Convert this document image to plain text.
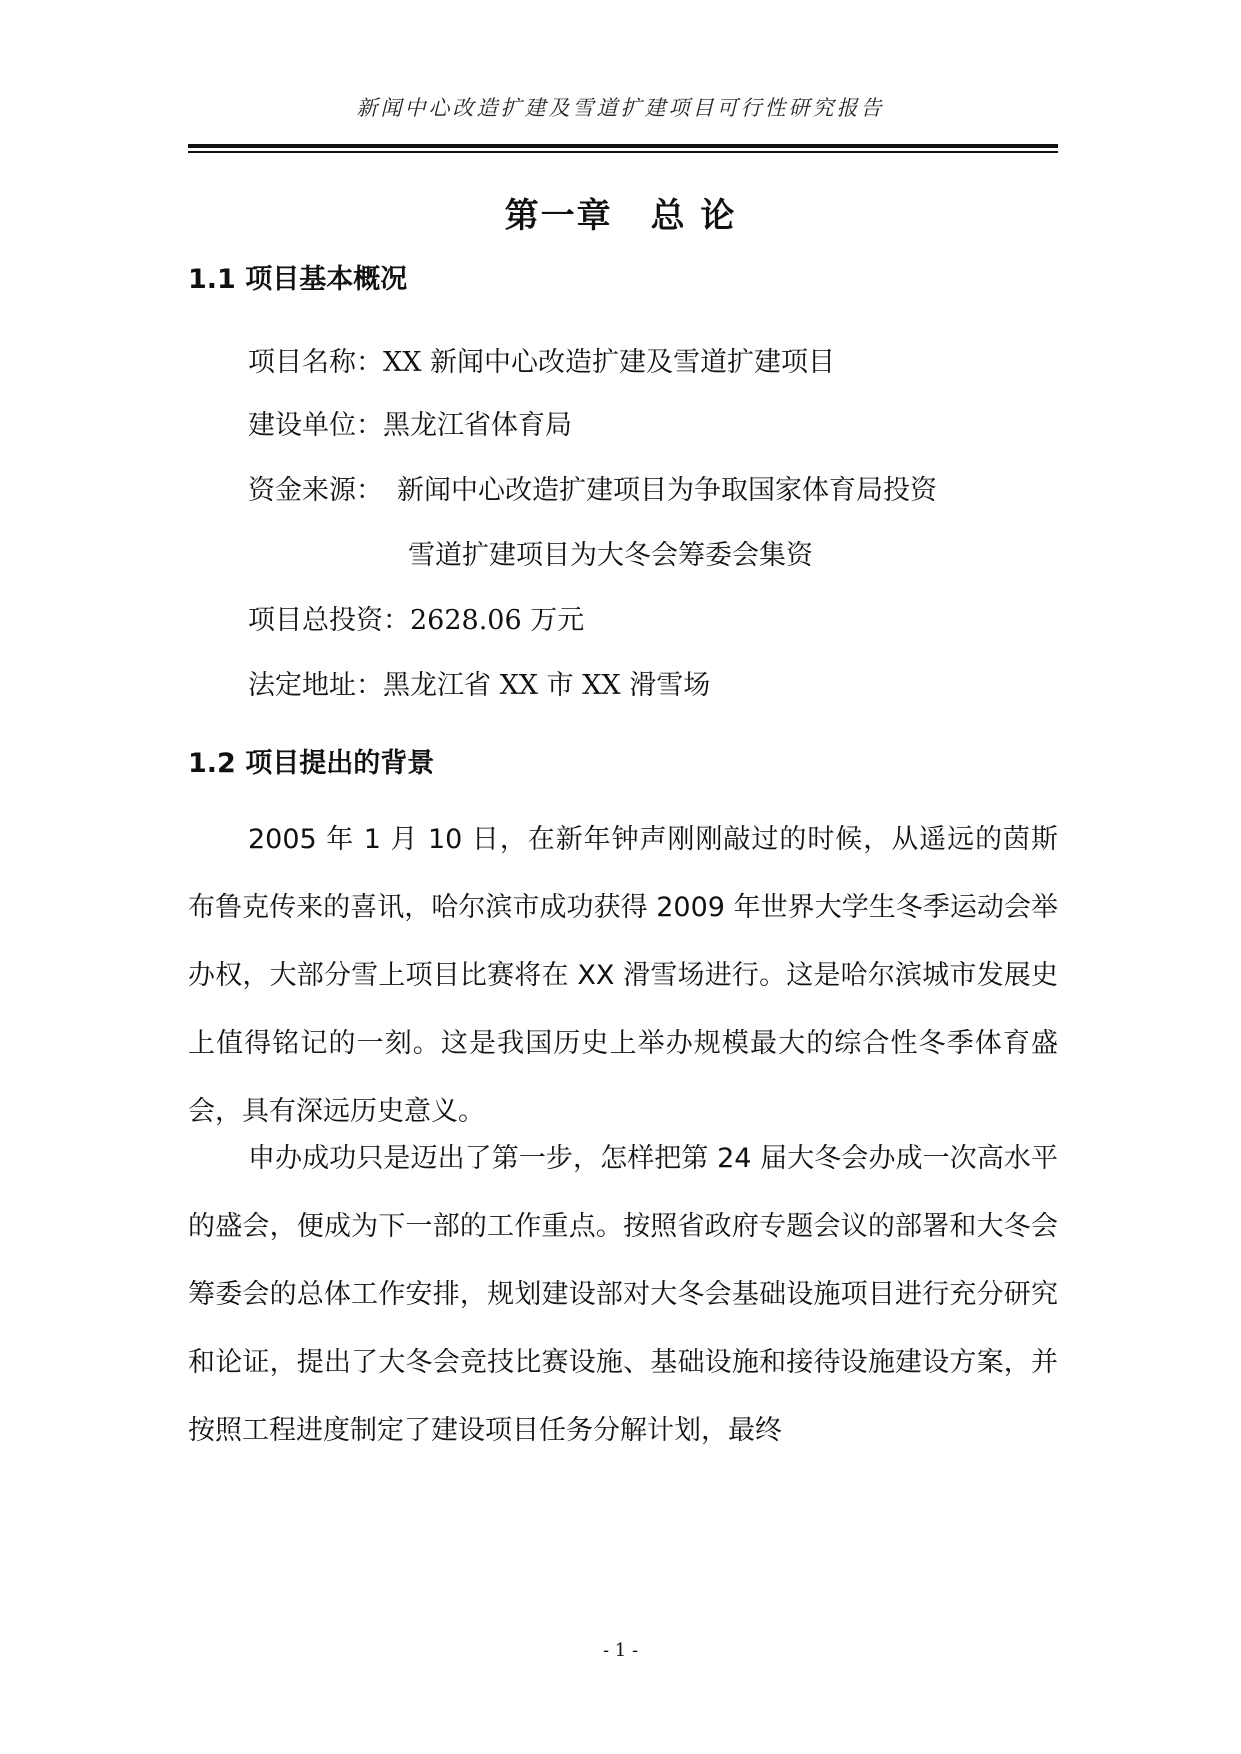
新闻中心改造扩建及雪道扩建项目可行性研究报告
第一章 总 论
1.1 项目基本概况
项目名称：XX 新闻中心改造扩建及雪道扩建项目
建设单位：黑龙江省体育局
资金来源： 新闻中心改造扩建项目为争取国家体育局投资
雪道扩建项目为大冬会筹委会集资
项目总投资：2628.06 万元
法定地址：黑龙江省 XX 市 XX 滑雪场
1.2 项目提出的背景

2005 年 1 月 10 日，在新年钟声刚刚敲过的时候，从遥远的茵斯布鲁克传来的喜讯，哈尔滨市成功获得 2009 年世界大学生冬季运动会举办权，大部分雪上项目比赛将在 XX 滑雪场进行。这是哈尔滨城市发展史上值得铭记的一刻。这是我国历史上举办规模最大的综合性冬季体育盛会，具有深远历史意义。

申办成功只是迈出了第一步，怎样把第 24 届大冬会办成一次高水平的盛会，便成为下一部的工作重点。按照省政府专题会议的部署和大冬会筹委会的总体工作安排，规划建设部对大冬会基础设施项目进行充分研究和论证，提出了大冬会竞技比赛设施、基础设施和接待设施建设方案，并按照工程进度制定了建设项目任务分解计划，最终

- 1 -
